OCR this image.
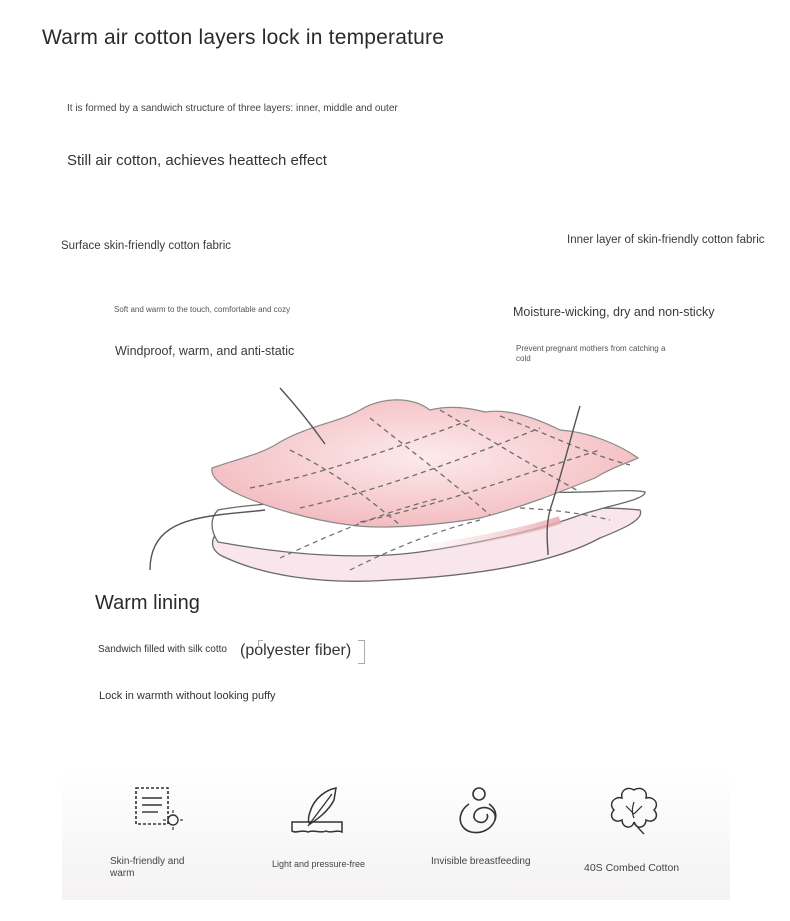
Warm air cotton layers lock in temperature
It is formed by a sandwich structure of three layers: inner, middle and outer
Still air cotton, achieves heattech effect
Surface skin-friendly cotton fabric
Soft and warm to the touch, comfortable and cozy
Windproof, warm, and anti-static
Inner layer of skin-friendly cotton fabric
Moisture-wicking, dry and non-sticky
Prevent pregnant mothers from catching a cold
Warm lining
Sandwich filled with silk cotto (polyester fiber)
Lock in warmth without looking puffy
Skin-friendly and warm
Light and pressure-free	Invisible breastfeeding
40S Combed Cotton
